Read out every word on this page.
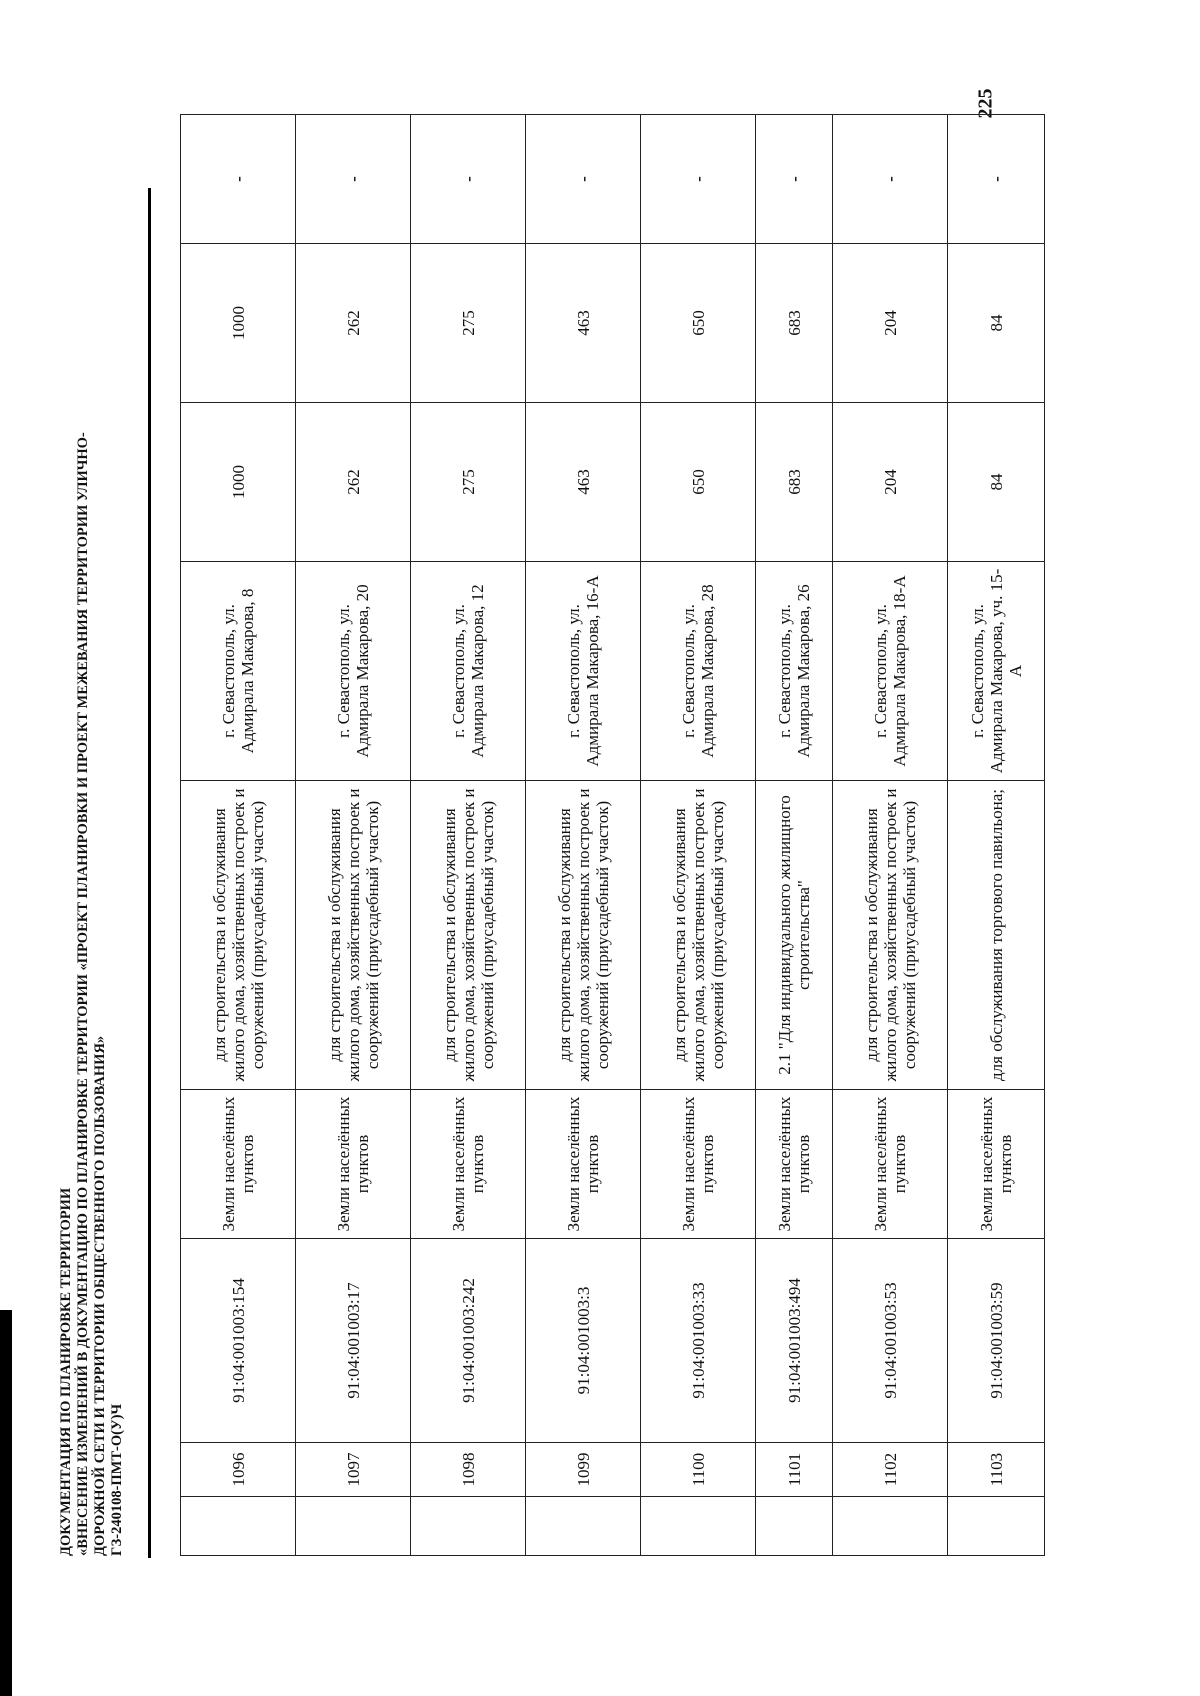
225
ДОКУМЕНТАЦИЯ ПО ПЛАНИРОВКЕ ТЕРРИТОРИИ «ВНЕСЕНИЕ ИЗМЕНЕНИЙ В ДОКУМЕНТАЦИЮ ПО ПЛАНИРОВКЕ ТЕРРИТОРИИ «ПРОЕКТ ПЛАНИРОВКИ И ПРОЕКТ МЕЖЕВАНИЯ ТЕРРИТОРИИ УЛИЧНО- ДОРОЖНОЙ СЕТИ И ТЕРРИТОРИИ ОБЩЕСТВЕННОГО ПОЛЬЗОВАНИЯ» ГЗ-240108-ПМТ-О(У)Ч
		1096	91:04:001003:154	Земли населённых пунктов	для строительства и обслуживания жилого дома, хозяйственных построек и сооружений (приусадебный участок)	г. Севастополь, ул. Адмирала Макарова, 8	1000	1000	-
	1097	91:04:001003:17	Земли населённых пунктов	для строительства и обслуживания жилого дома, хозяйственных построек и сооружений (приусадебный участок)	г. Севастополь, ул. Адмирала Макарова, 20	262	262	-
	1098	91:04:001003:242	Земли населённых пунктов	для строительства и обслуживания жилого дома, хозяйственных построек и сооружений (приусадебный участок)	г. Севастополь, ул. Адмирала Макарова, 12	275	275	-
	1099	91:04:001003:3	Земли населённых пунктов	для строительства и обслуживания жилого дома, хозяйственных построек и сооружений (приусадебный участок)	г. Севастополь, ул. Адмирала Макарова, 16-А	463	463	-
	1100	91:04:001003:33	Земли населённых пунктов	для строительства и обслуживания жилого дома, хозяйственных построек и сооружений (приусадебный участок)	г. Севастополь, ул. Адмирала Макарова, 28	650	650	-
	1101	91:04:001003:494	Земли населённых пунктов	2.1 "Для индивидуального жилищного строительства"	г. Севастополь, ул. Адмирала Макарова, 26	683	683	-
	1102	91:04:001003:53	Земли населённых пунктов	для строительства и обслуживания жилого дома, хозяйственных построек и сооружений (приусадебный участок)	г. Севастополь, ул. Адмирала Макарова, 18-А	204	204	-
	1103	91:04:001003:59	Земли населённых пунктов	для обслуживания торгового павильона;	г. Севастополь, ул. Адмирала Макарова, уч. 15-А	84	84	-
